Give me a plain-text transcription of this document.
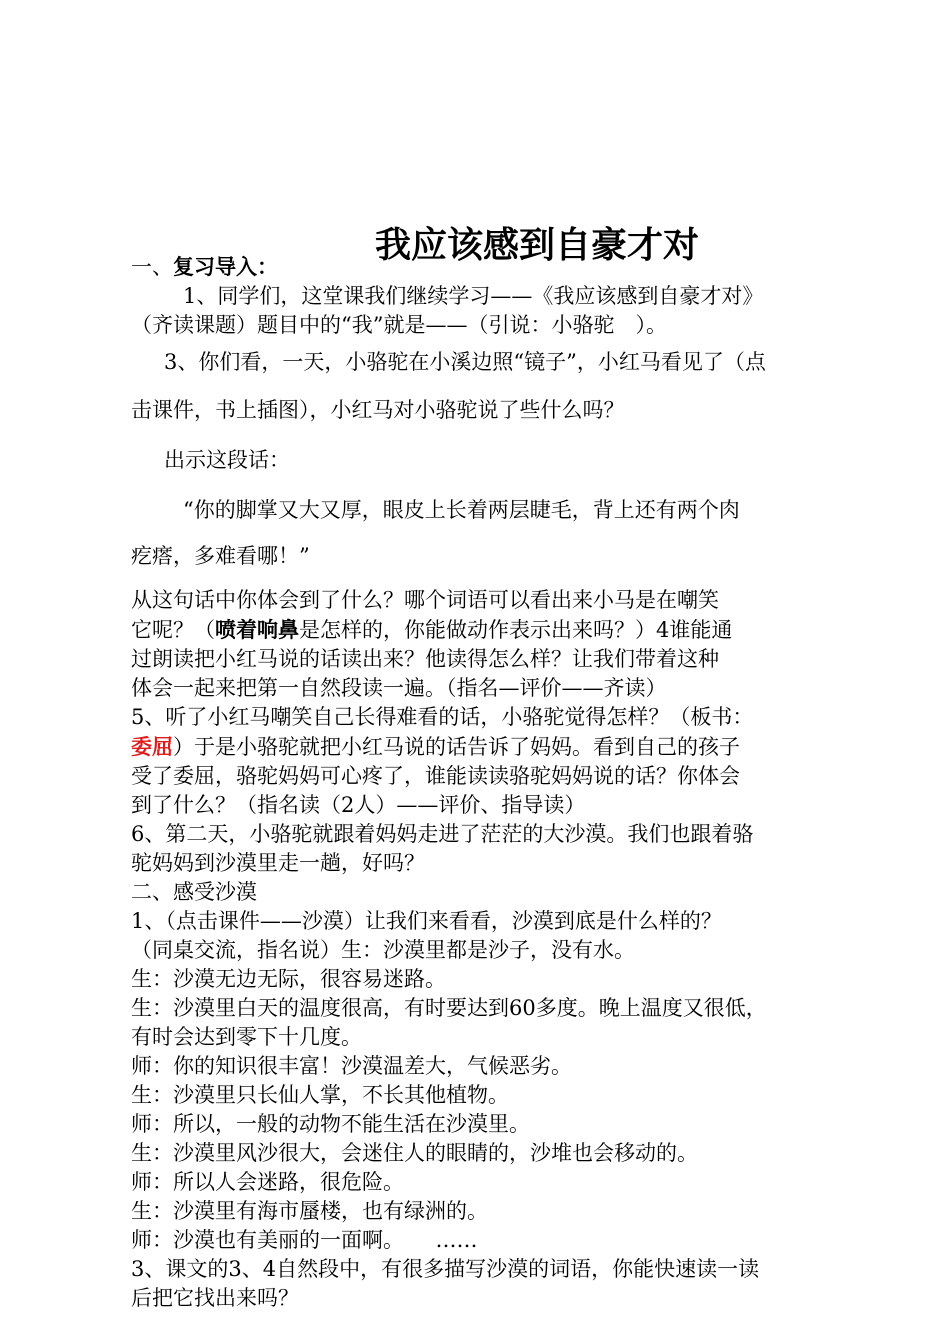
我应该感到自豪才对

一、复习导入：

1、同学们，这堂课我们继续学习——《我应该感到自豪才对》

（齐读课题）题目中的“我”就是——（引说：小骆驼　）。

3、你们看，一天，小骆驼在小溪边照“镜子”，小红马看见了（点

击课件，书上插图），小红马对小骆驼说了些什么吗？

出示这段话：

“你的脚掌又大又厚，眼皮上长着两层睫毛，背上还有两个肉

疙瘩，多难看哪！”

从这句话中你体会到了什么？哪个词语可以看出来小马是在嘲笑

它呢？（喷着响鼻是怎样的，你能做动作表示出来吗？）4谁能通

过朗读把小红马说的话读出来？他读得怎么样？让我们带着这种

体会一起来把第一自然段读一遍。（指名—评价——齐读）

5、听了小红马嘲笑自己长得难看的话，小骆驼觉得怎样？（板书：

委屈）于是小骆驼就把小红马说的话告诉了妈妈。看到自己的孩子

受了委屈，骆驼妈妈可心疼了，谁能读读骆驼妈妈说的话？你体会

到了什么？（指名读（2人）——评价、指导读）

6、第二天，小骆驼就跟着妈妈走进了茫茫的大沙漠。我们也跟着骆

驼妈妈到沙漠里走一趟，好吗？

二、感受沙漠

1、（点击课件——沙漠）让我们来看看，沙漠到底是什么样的？

（同桌交流，指名说）生：沙漠里都是沙子，没有水。

生：沙漠无边无际，很容易迷路。

生：沙漠里白天的温度很高，有时要达到60多度。晚上温度又很低，

有时会达到零下十几度。

师：你的知识很丰富！沙漠温差大，气候恶劣。

生：沙漠里只长仙人掌，不长其他植物。

师：所以，一般的动物不能生活在沙漠里。

生：沙漠里风沙很大，会迷住人的眼睛的，沙堆也会移动的。

师：所以人会迷路，很危险。

生：沙漠里有海市蜃楼，也有绿洲的。

师：沙漠也有美丽的一面啊。　　……

3、课文的3、4自然段中，有很多描写沙漠的词语，你能快速读一读

后把它找出来吗？
